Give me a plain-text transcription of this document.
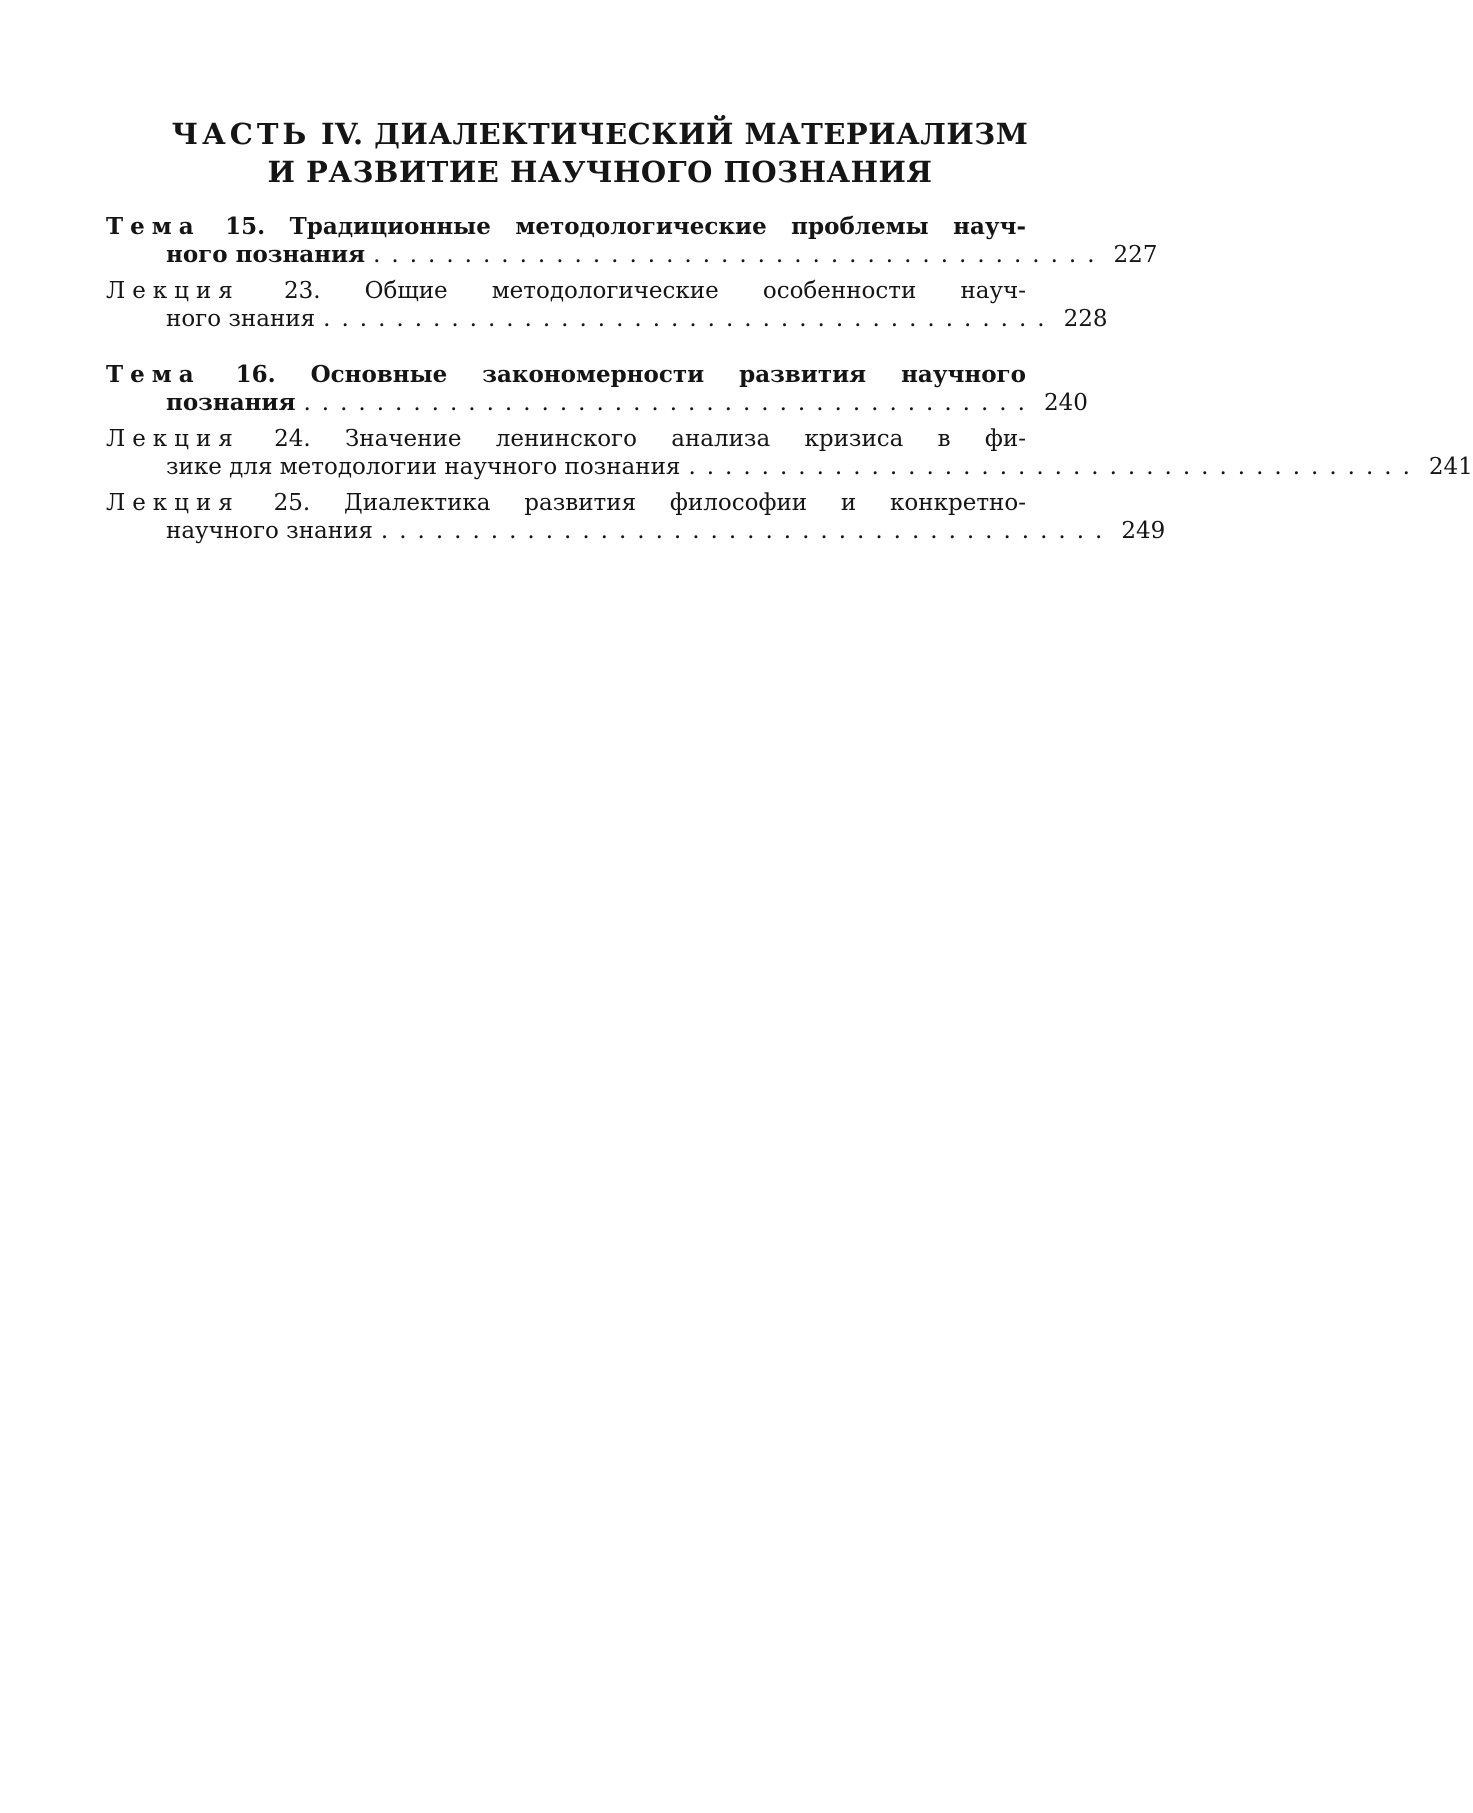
ЧАСТЬ IV. ДИАЛЕКТИЧЕСКИЙ МАТЕРИАЛИЗМ
И РАЗВИТИЕ НАУЧНОГО ПОЗНАНИЯ
Тема 15. Традиционные методологические проблемы науч-
ного познания ........................................ 227
Лекция 23. Общие методологические особенности науч-
ного знания ........................................ 228
Тема 16. Основные закономерности развития научного
познания ........................................ 240
Лекция 24. Значение ленинского анализа кризиса в фи-
зике для методологии научного познания ........................................ 241
Лекция 25. Диалектика развития философии и конкретно-
научного знания ........................................ 249
